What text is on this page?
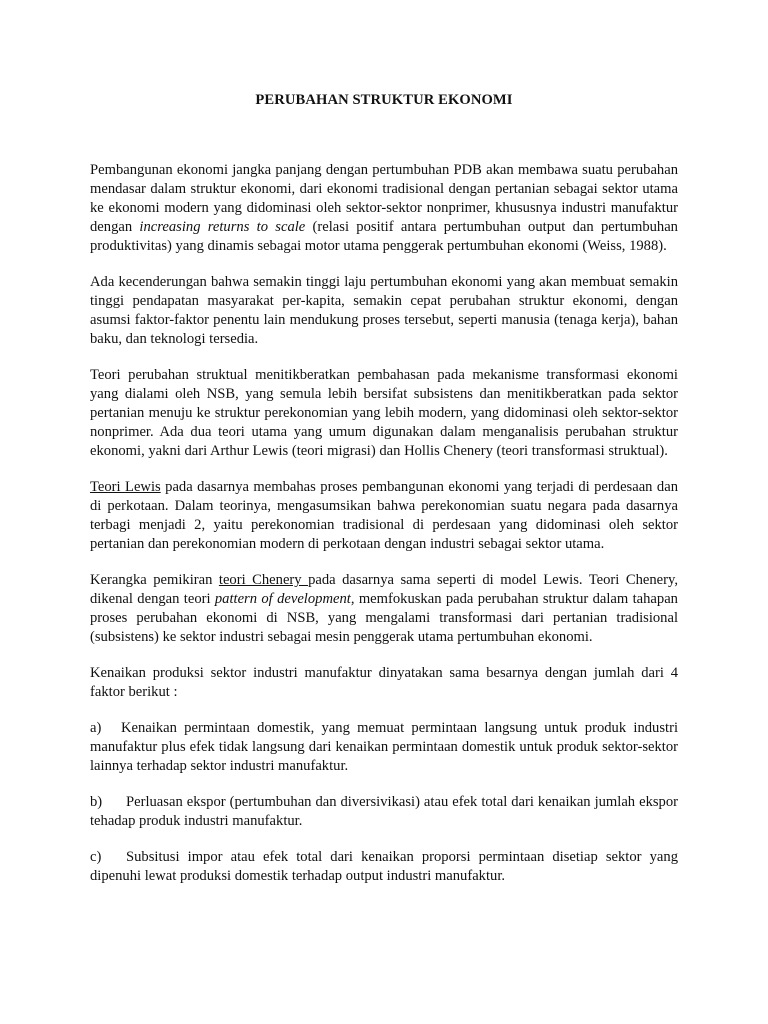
PERUBAHAN STRUKTUR EKONOMI

Pembangunan ekonomi jangka panjang dengan pertumbuhan PDB akan membawa suatu perubahan mendasar dalam struktur ekonomi, dari ekonomi tradisional dengan pertanian sebagai sektor utama ke ekonomi modern yang didominasi oleh sektor-sektor nonprimer, khususnya industri manufaktur dengan increasing returns to scale (relasi positif antara pertumbuhan output dan pertumbuhan produktivitas) yang dinamis sebagai motor utama penggerak pertumbuhan ekonomi (Weiss, 1988).

Ada kecenderungan bahwa semakin tinggi laju pertumbuhan ekonomi yang akan membuat semakin tinggi pendapatan masyarakat per-kapita, semakin cepat perubahan struktur ekonomi, dengan asumsi faktor-faktor penentu lain mendukung proses tersebut, seperti manusia (tenaga kerja), bahan baku, dan teknologi tersedia.

Teori perubahan struktual menitikberatkan pembahasan pada mekanisme transformasi ekonomi yang dialami oleh NSB, yang semula lebih bersifat subsistens dan menitikberatkan pada sektor pertanian menuju ke struktur perekonomian yang lebih modern, yang didominasi oleh sektor-sektor nonprimer. Ada dua teori utama yang umum digunakan dalam menganalisis perubahan struktur ekonomi, yakni dari Arthur Lewis (teori migrasi) dan Hollis Chenery (teori transformasi struktual).

Teori Lewis pada dasarnya membahas proses pembangunan ekonomi yang terjadi di perdesaan dan di perkotaan. Dalam teorinya, mengasumsikan bahwa perekonomian suatu negara pada dasarnya terbagi menjadi 2, yaitu perekonomian tradisional di perdesaan yang didominasi oleh sektor pertanian dan perekonomian modern di perkotaan dengan industri sebagai sektor utama.

Kerangka pemikiran teori Chenery pada dasarnya sama seperti di model Lewis. Teori Chenery, dikenal dengan teori pattern of development, memfokuskan pada perubahan struktur dalam tahapan proses perubahan ekonomi di NSB, yang mengalami transformasi dari pertanian tradisional (subsistens) ke sektor industri sebagai mesin penggerak utama pertumbuhan ekonomi.

Kenaikan produksi sektor industri manufaktur dinyatakan sama besarnya dengan jumlah dari 4 faktor berikut :

a) Kenaikan permintaan domestik, yang memuat permintaan langsung untuk produk industri manufaktur plus efek tidak langsung dari kenaikan permintaan domestik untuk produk sektor-sektor lainnya terhadap sektor industri manufaktur.

b) Perluasan ekspor (pertumbuhan dan diversivikasi) atau efek total dari kenaikan jumlah ekspor tehadap produk industri manufaktur.

c) Subsitusi impor atau efek total dari kenaikan proporsi permintaan disetiap sektor yang dipenuhi lewat produksi domestik terhadap output industri manufaktur.
